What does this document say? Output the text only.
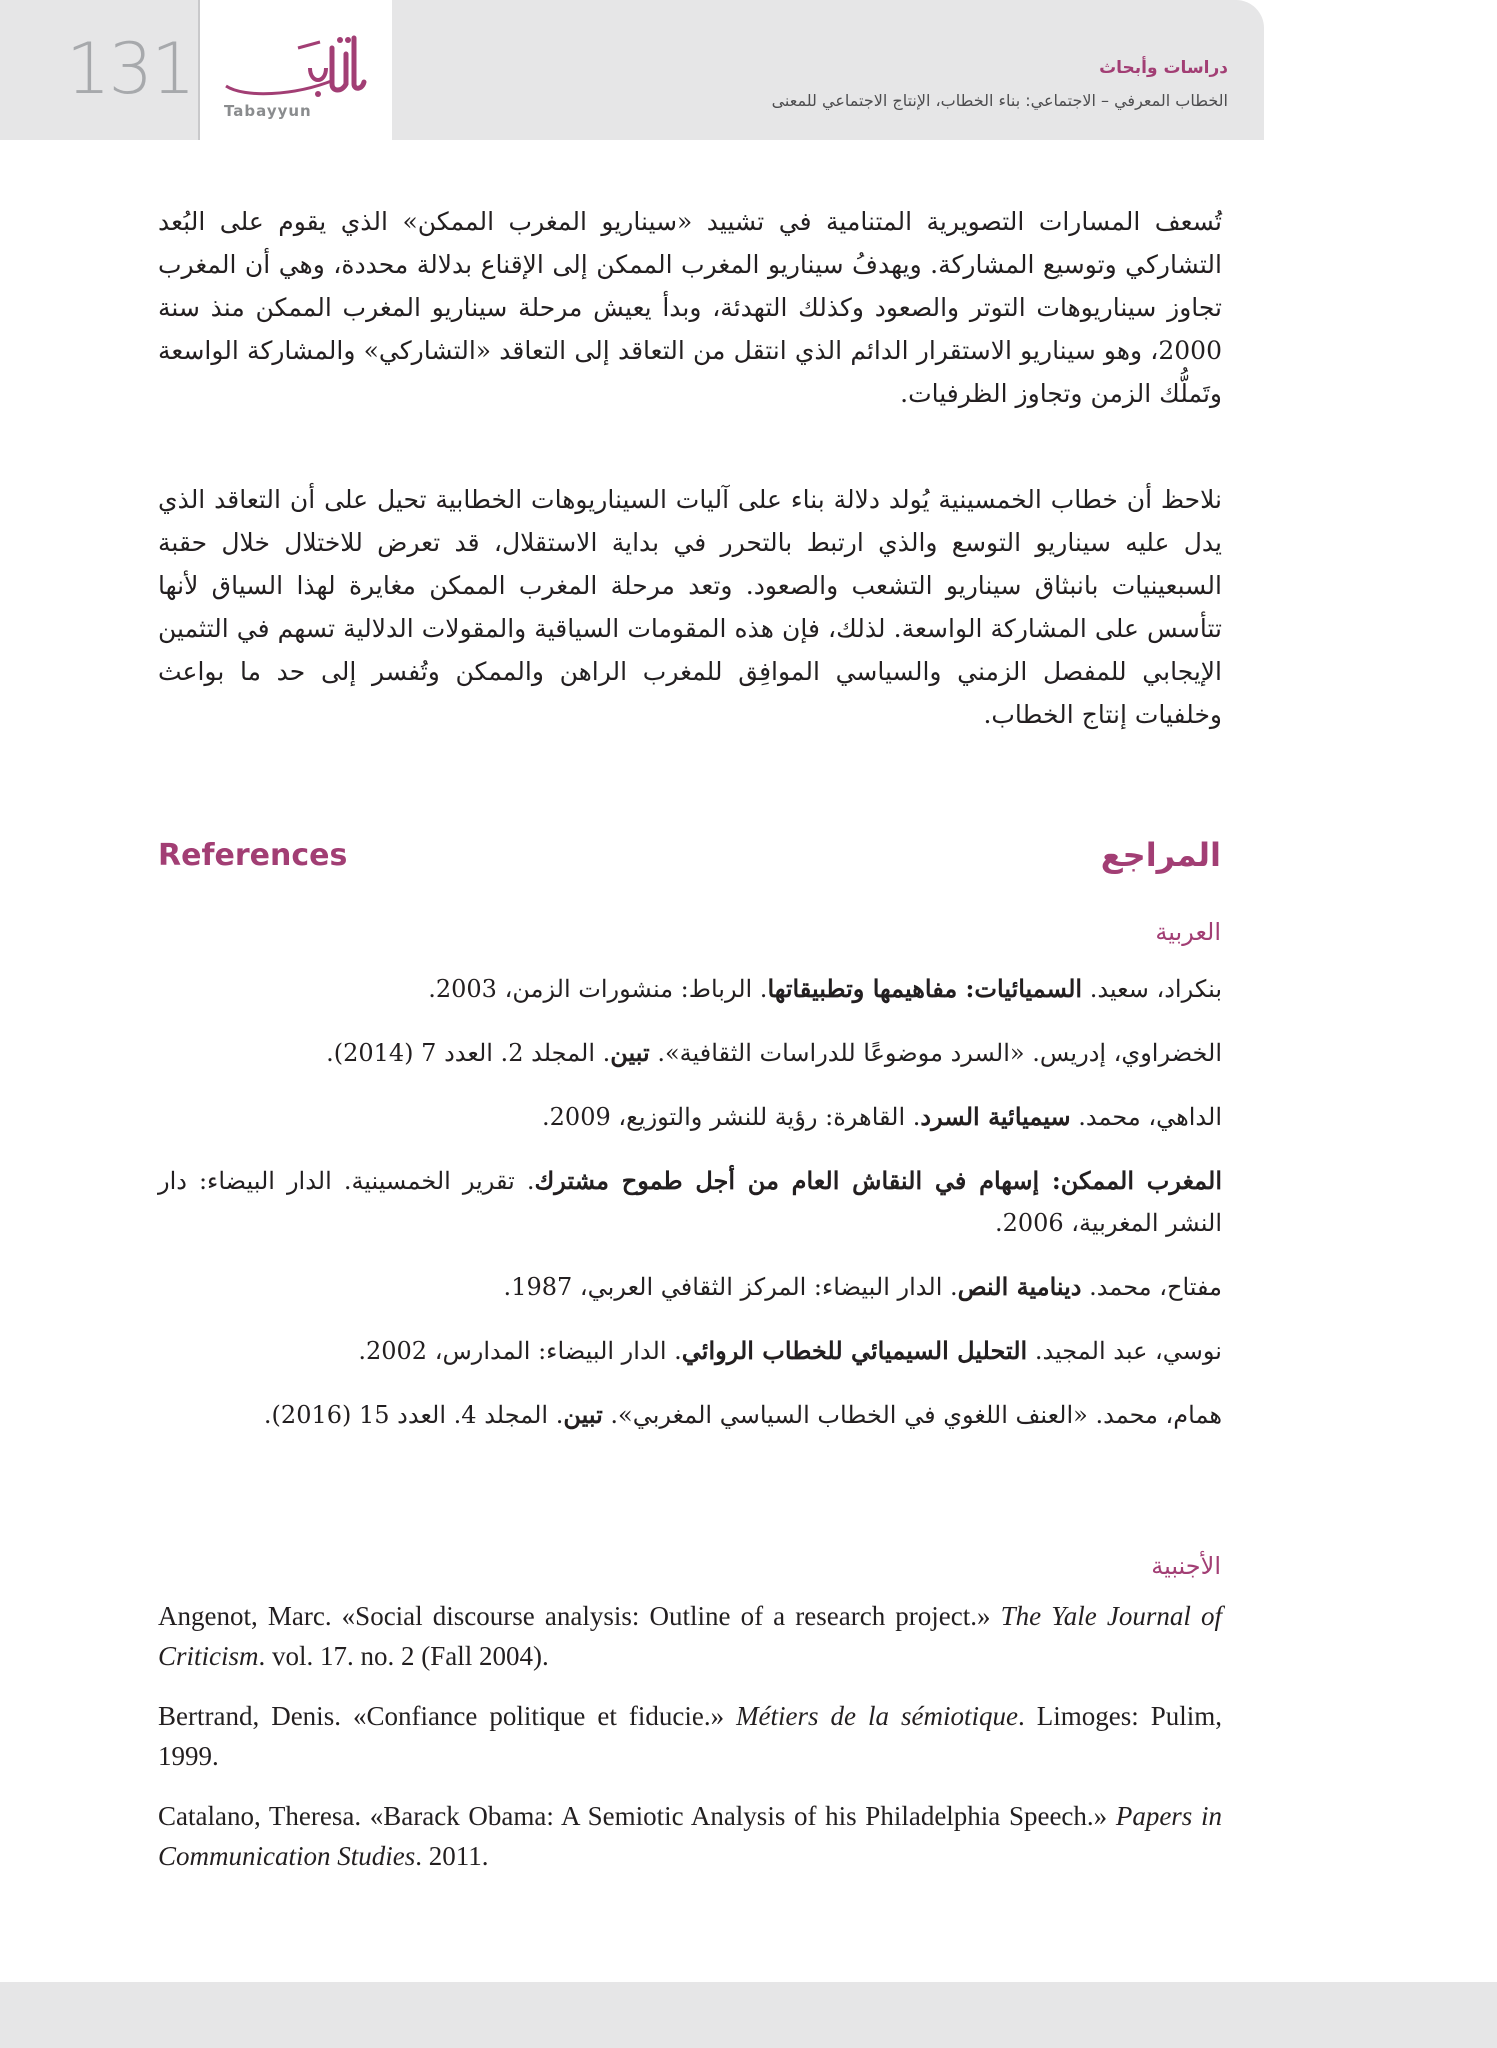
131
Tabayyun
دراسات وأبحاث
الخطاب المعرفي – الاجتماعي: بناء الخطاب، الإنتاج الاجتماعي للمعنى

تُسعف المسارات التصويرية المتنامية في تشييد «سيناريو المغرب الممكن» الذي يقوم على البُعد التشاركي وتوسيع المشاركة. ويهدفُ سيناريو المغرب الممكن إلى الإقناع بدلالة محددة، وهي أن المغرب تجاوز سيناريوهات التوتر والصعود وكذلك التهدئة، وبدأ يعيش مرحلة سيناريو المغرب الممكن منذ سنة 2000، وهو سيناريو الاستقرار الدائم الذي انتقل من التعاقد إلى التعاقد «التشاركي» والمشاركة الواسعة وتَملُّك الزمن وتجاوز الظرفيات.

نلاحظ أن خطاب الخمسينية يُولد دلالة بناء على آليات السيناريوهات الخطابية تحيل على أن التعاقد الذي يدل عليه سيناريو التوسع والذي ارتبط بالتحرر في بداية الاستقلال، قد تعرض للاختلال خلال حقبة السبعينيات بانبثاق سيناريو التشعب والصعود. وتعد مرحلة المغرب الممكن مغايرة لهذا السياق لأنها تتأسس على المشاركة الواسعة. لذلك، فإن هذه المقومات السياقية والمقولات الدلالية تسهم في التثمين الإيجابي للمفصل الزمني والسياسي الموافِق للمغرب الراهن والممكن وتُفسر إلى حد ما بواعث وخلفيات إنتاج الخطاب.

المراجع
References
العربية

بنكراد، سعيد. السميائيات: مفاهيمها وتطبيقاتها. الرباط: منشورات الزمن، 2003.

الخضراوي، إدريس. «السرد موضوعًا للدراسات الثقافية». تبين. المجلد 2. العدد 7 (2014).

الداهي، محمد. سيميائية السرد. القاهرة: رؤية للنشر والتوزيع، 2009.

المغرب الممكن: إسهام في النقاش العام من أجل طموح مشترك. تقرير الخمسينية. الدار البيضاء: دار النشر المغربية، 2006.

مفتاح، محمد. دينامية النص. الدار البيضاء: المركز الثقافي العربي، 1987.

نوسي، عبد المجيد. التحليل السيميائي للخطاب الروائي. الدار البيضاء: المدارس، 2002.

همام، محمد. «العنف اللغوي في الخطاب السياسي المغربي». تبين. المجلد 4. العدد 15 (2016).

الأجنبية

Angenot, Marc. «Social discourse analysis: Outline of a research project.» The Yale Journal of Criticism. vol. 17. no. 2 (Fall 2004).

Bertrand, Denis. «Confiance politique et fiducie.» Métiers de la sémiotique. Limoges: Pulim, 1999.

Catalano, Theresa. «Barack Obama: A Semiotic Analysis of his Philadelphia Speech.» Papers in Communication Studies. 2011.
